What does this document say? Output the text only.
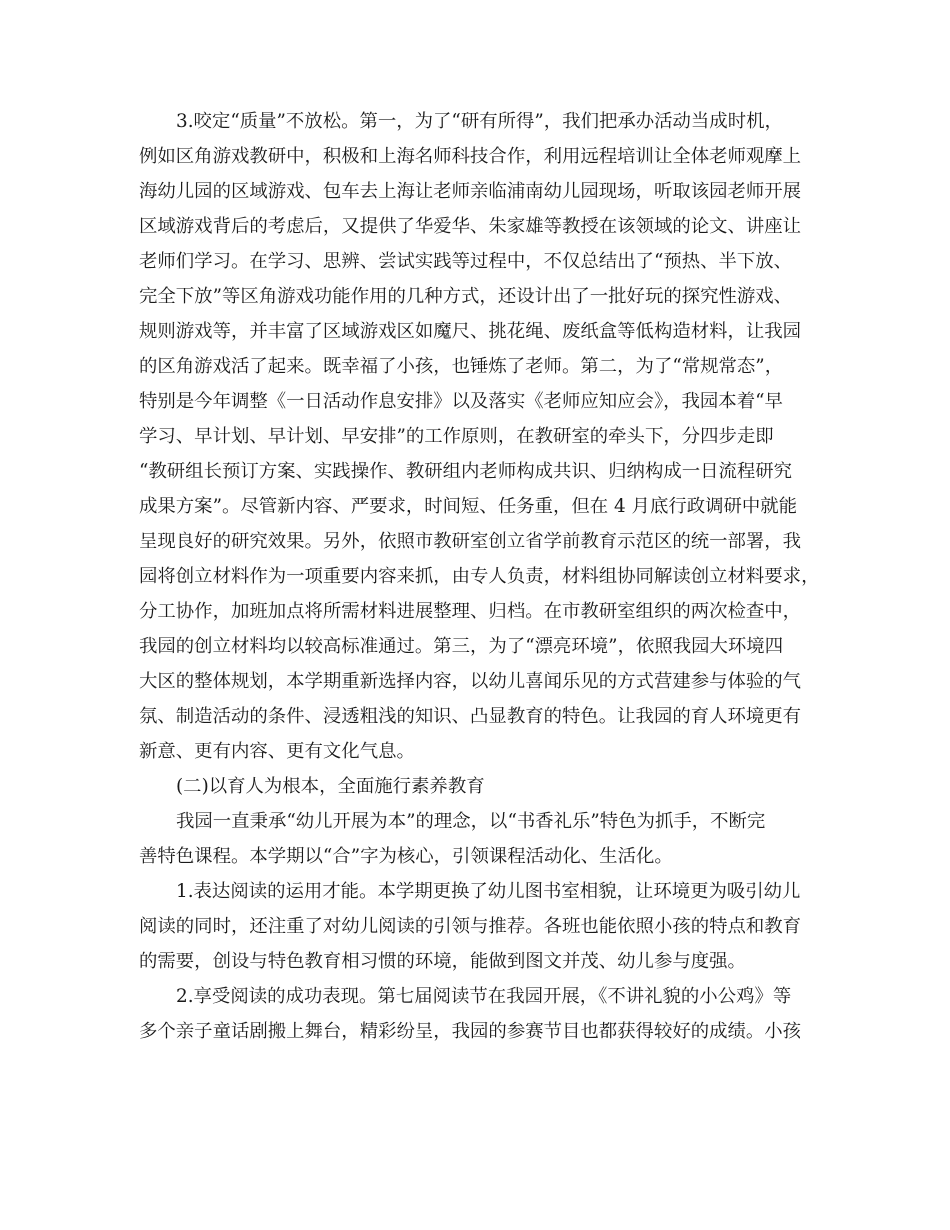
3.咬定“质量”不放松。第一，为了“研有所得”，我们把承办活动当成时机，
例如区角游戏教研中，积极和上海名师科技合作，利用远程培训让全体老师观摩上
海幼儿园的区域游戏、包车去上海让老师亲临浦南幼儿园现场，听取该园老师开展
区域游戏背后的考虑后，又提供了华爱华、朱家雄等教授在该领域的论文、讲座让
老师们学习。在学习、思辨、尝试实践等过程中，不仅总结出了“预热、半下放、
完全下放”等区角游戏功能作用的几种方式，还设计出了一批好玩的探究性游戏、
规则游戏等，并丰富了区域游戏区如魔尺、挑花绳、废纸盒等低构造材料，让我园
的区角游戏活了起来。既幸福了小孩，也锤炼了老师。第二，为了“常规常态”，
特别是今年调整《一日活动作息安排》以及落实《老师应知应会》，我园本着“早
学习、早计划、早计划、早安排”的工作原则，在教研室的牵头下，分四步走即
“教研组长预订方案、实践操作、教研组内老师构成共识、归纳构成一日流程研究
成果方案”。尽管新内容、严要求，时间短、任务重，但在 4 月底行政调研中就能
呈现良好的研究效果。另外，依照市教研室创立省学前教育示范区的统一部署，我
园将创立材料作为一项重要内容来抓，由专人负责，材料组协同解读创立材料要求，
分工协作，加班加点将所需材料进展整理、归档。在市教研室组织的两次检查中，
我园的创立材料均以较高标准通过。第三，为了“漂亮环境”，依照我园大环境四
大区的整体规划，本学期重新选择内容，以幼儿喜闻乐见的方式营建参与体验的气
氛、制造活动的条件、浸透粗浅的知识、凸显教育的特色。让我园的育人环境更有
新意、更有内容、更有文化气息。
(二)以育人为根本，全面施行素养教育
我园一直秉承“幼儿开展为本”的理念，以“书香礼乐”特色为抓手，不断完
善特色课程。本学期以“合”字为核心，引领课程活动化、生活化。
1.表达阅读的运用才能。本学期更换了幼儿图书室相貌，让环境更为吸引幼儿
阅读的同时，还注重了对幼儿阅读的引领与推荐。各班也能依照小孩的特点和教育
的需要，创设与特色教育相习惯的环境，能做到图文并茂、幼儿参与度强。
2.享受阅读的成功表现。第七届阅读节在我园开展，《不讲礼貌的小公鸡》等
多个亲子童话剧搬上舞台，精彩纷呈，我园的参赛节目也都获得较好的成绩。小孩
